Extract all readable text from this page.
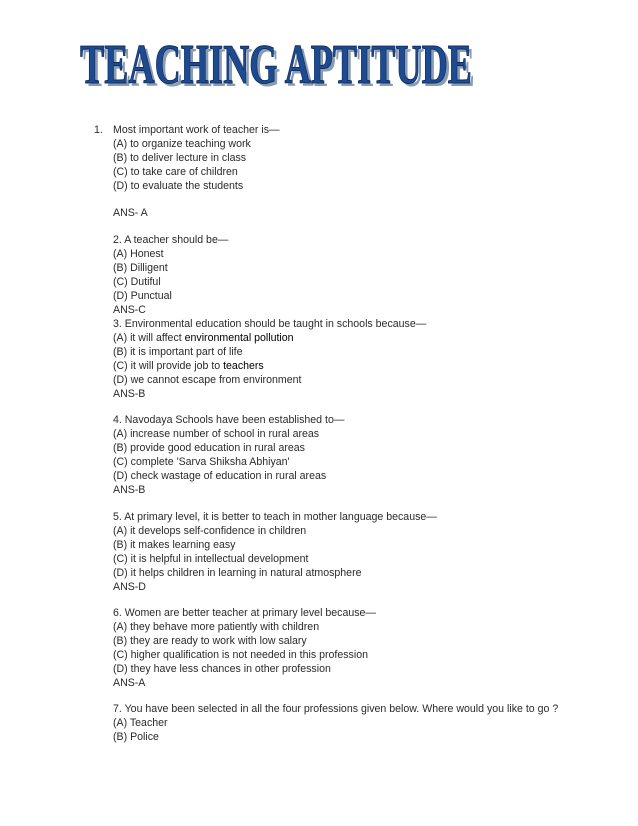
TEACHING APTITUDE
TEACHING APTITUDE
1. Most important work of teacher is—
(A) to organize teaching work
(B) to deliver lecture in class
(C) to take care of children
(D) to evaluate the students
ANS- A
2. A teacher should be—
(A) Honest
(B) Dilligent
(C) Dutiful
(D) Punctual
ANS-C
3. Environmental education should be taught in schools because—
(A) it will affect environmental pollution
(B) it is important part of life
(C) it will provide job to teachers
(D) we cannot escape from environment
ANS-B
4. Navodaya Schools have been established to—
(A) increase number of school in rural areas
(B) provide good education in rural areas
(C) complete 'Sarva Shiksha Abhiyan'
(D) check wastage of education in rural areas
ANS-B
5. At primary level, it is better to teach in mother language because—
(A) it develops self-confidence in children
(B) it makes learning easy
(C) it is helpful in intellectual development
(D) it helps children in learning in natural atmosphere
ANS-D
6. Women are better teacher at primary level because—
(A) they behave more patiently with children
(B) they are ready to work with low salary
(C) higher qualification is not needed in this profession
(D) they have less chances in other profession
ANS-A
7. You have been selected in all the four professions given below. Where would you like to go ?
(A) Teacher
(B) Police
